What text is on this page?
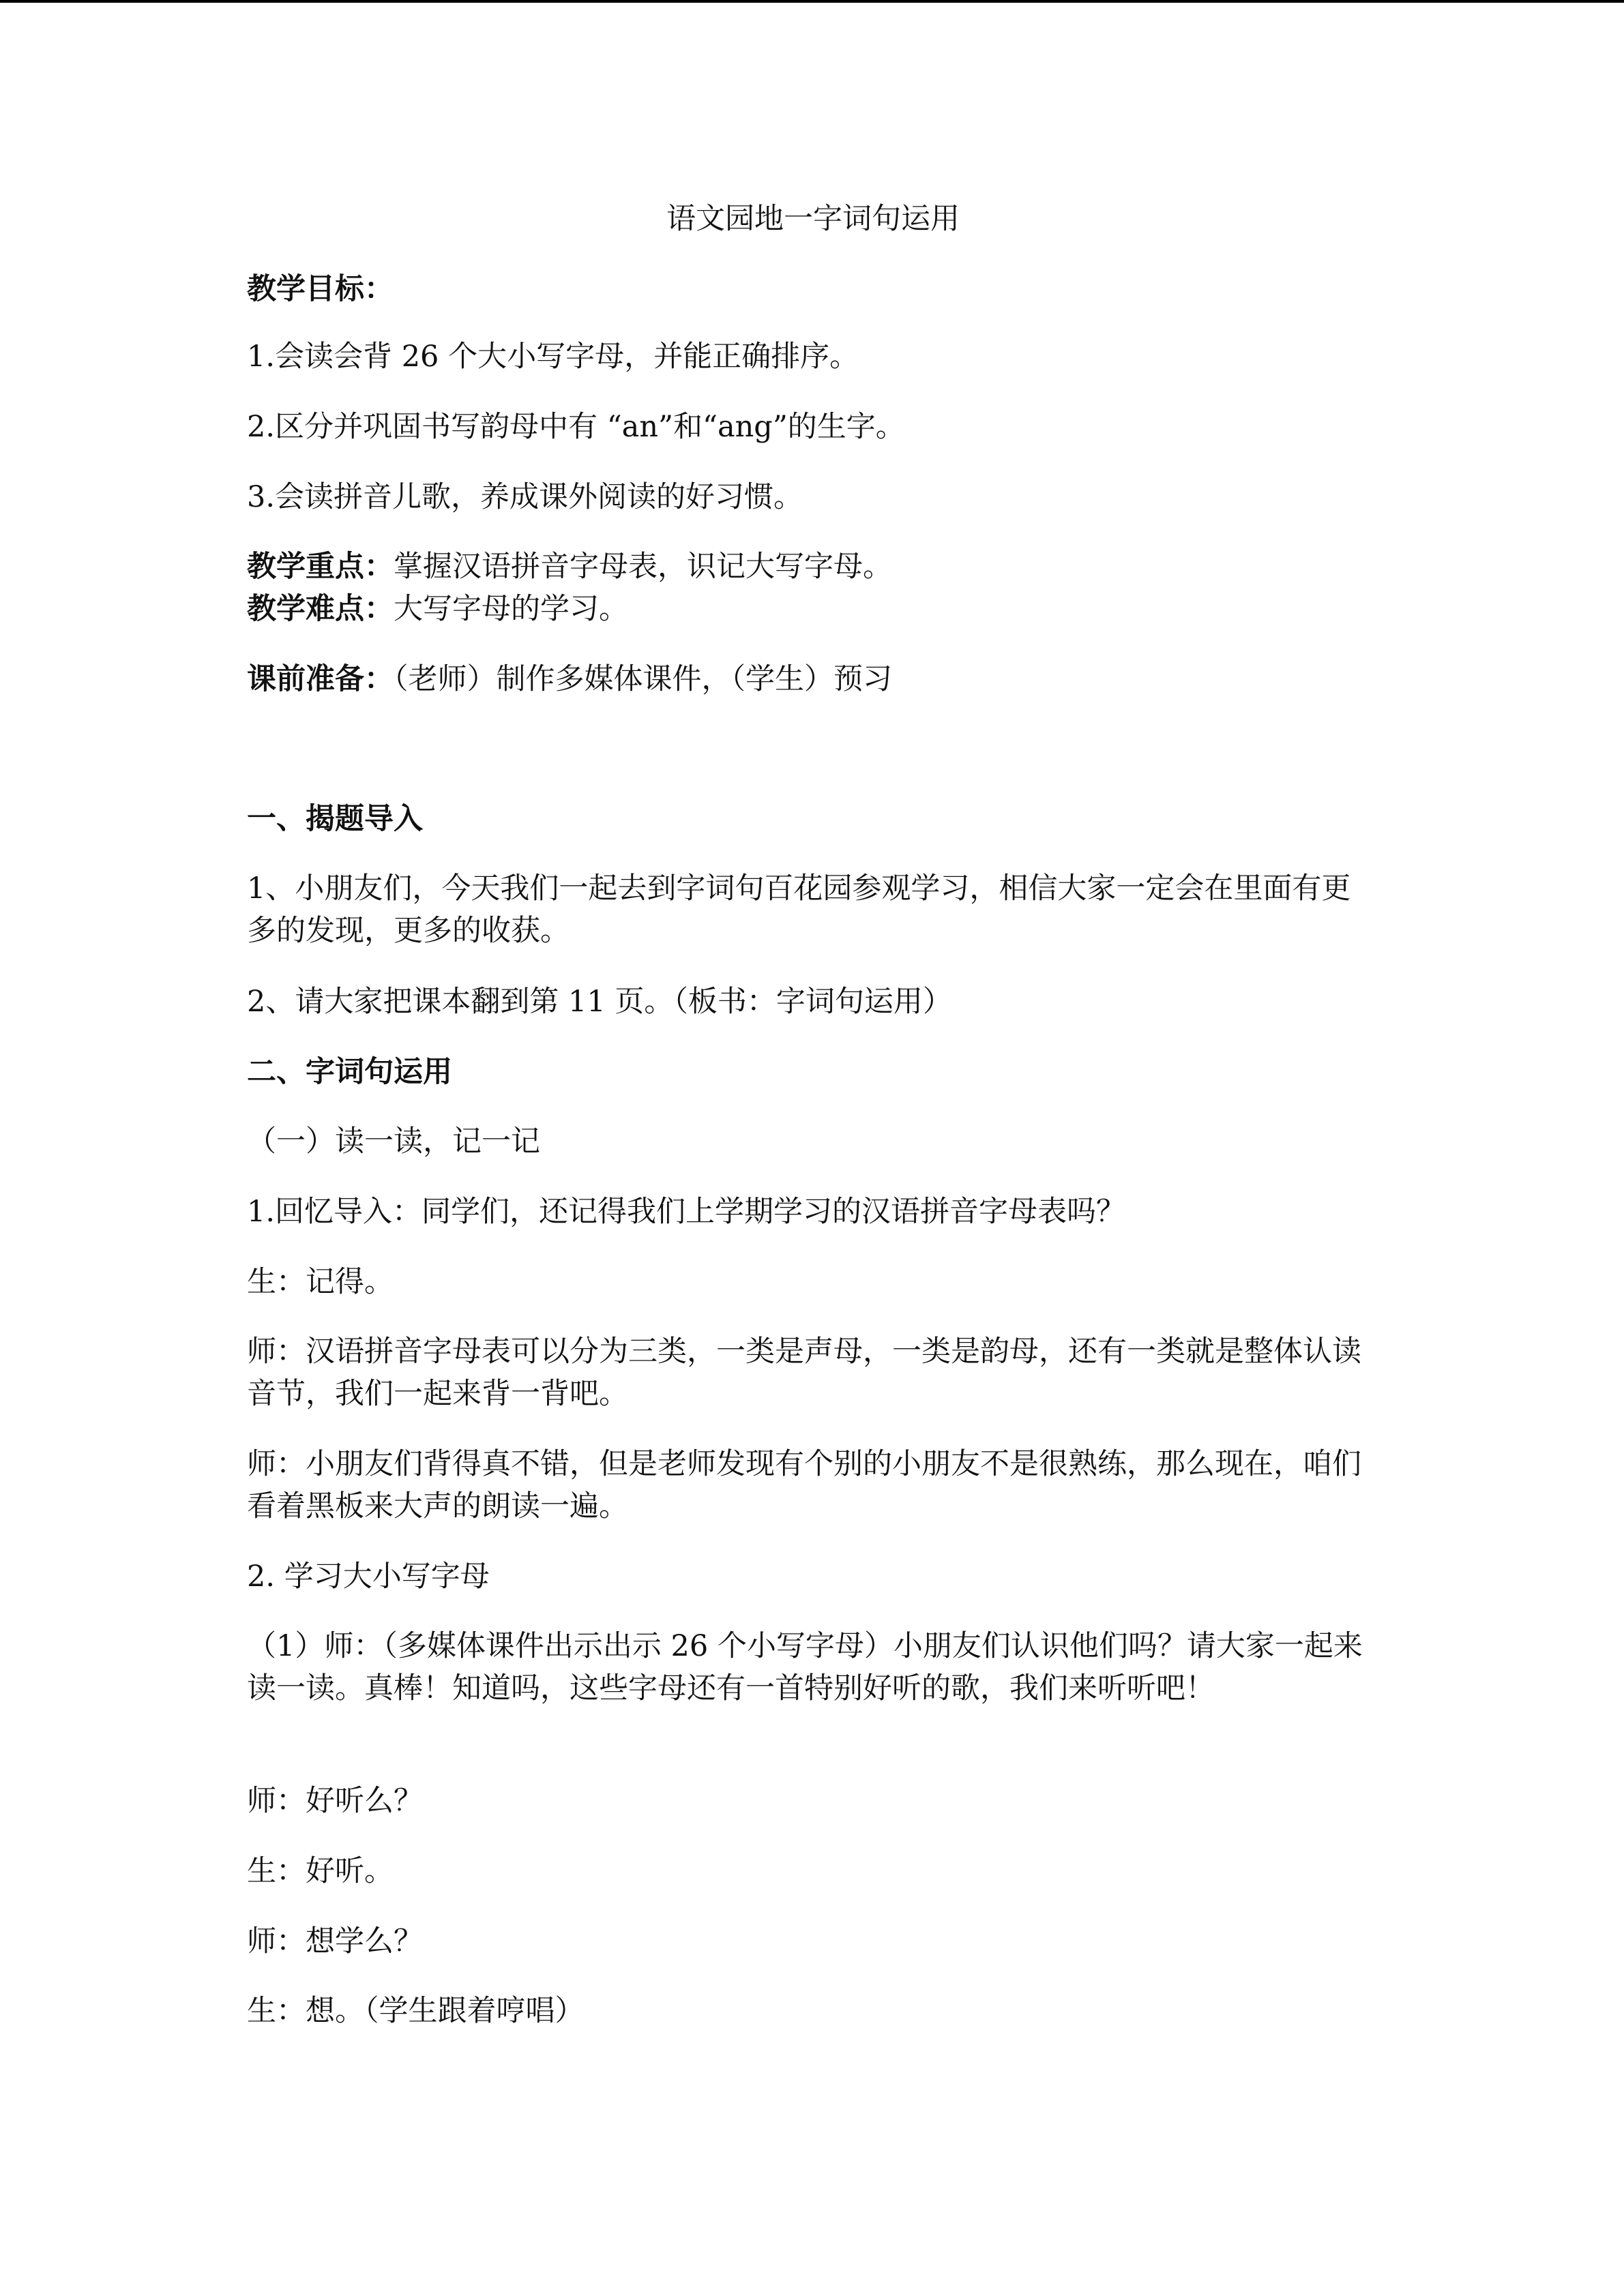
语文园地一字词句运用
教学目标：
1.会读会背 26 个大小写字母，并能正确排序。
2.区分并巩固书写韵母中有 “an”和“ang”的生字。
3.会读拼音儿歌，养成课外阅读的好习惯。
教学重点：掌握汉语拼音字母表，识记大写字母。
教学难点：大写字母的学习。
课前准备：（老师）制作多媒体课件，（学生）预习
一、揭题导入
1、小朋友们，今天我们一起去到字词句百花园参观学习，相信大家一定会在里面有更多的发现，更多的收获。
2、请大家把课本翻到第 11 页。（板书：字词句运用）
二、字词句运用
（一）读一读，记一记
1.回忆导入：同学们，还记得我们上学期学习的汉语拼音字母表吗？
生：记得。
师：汉语拼音字母表可以分为三类，一类是声母，一类是韵母，还有一类就是整体认读音节，我们一起来背一背吧。
师：小朋友们背得真不错，但是老师发现有个别的小朋友不是很熟练，那么现在，咱们看着黑板来大声的朗读一遍。
2. 学习大小写字母
（1）师：（多媒体课件出示出示 26 个小写字母）小朋友们认识他们吗？请大家一起来读一读。真棒！知道吗，这些字母还有一首特别好听的歌，我们来听听吧！
师：好听么？
生：好听。
师：想学么？
生：想。（学生跟着哼唱）
